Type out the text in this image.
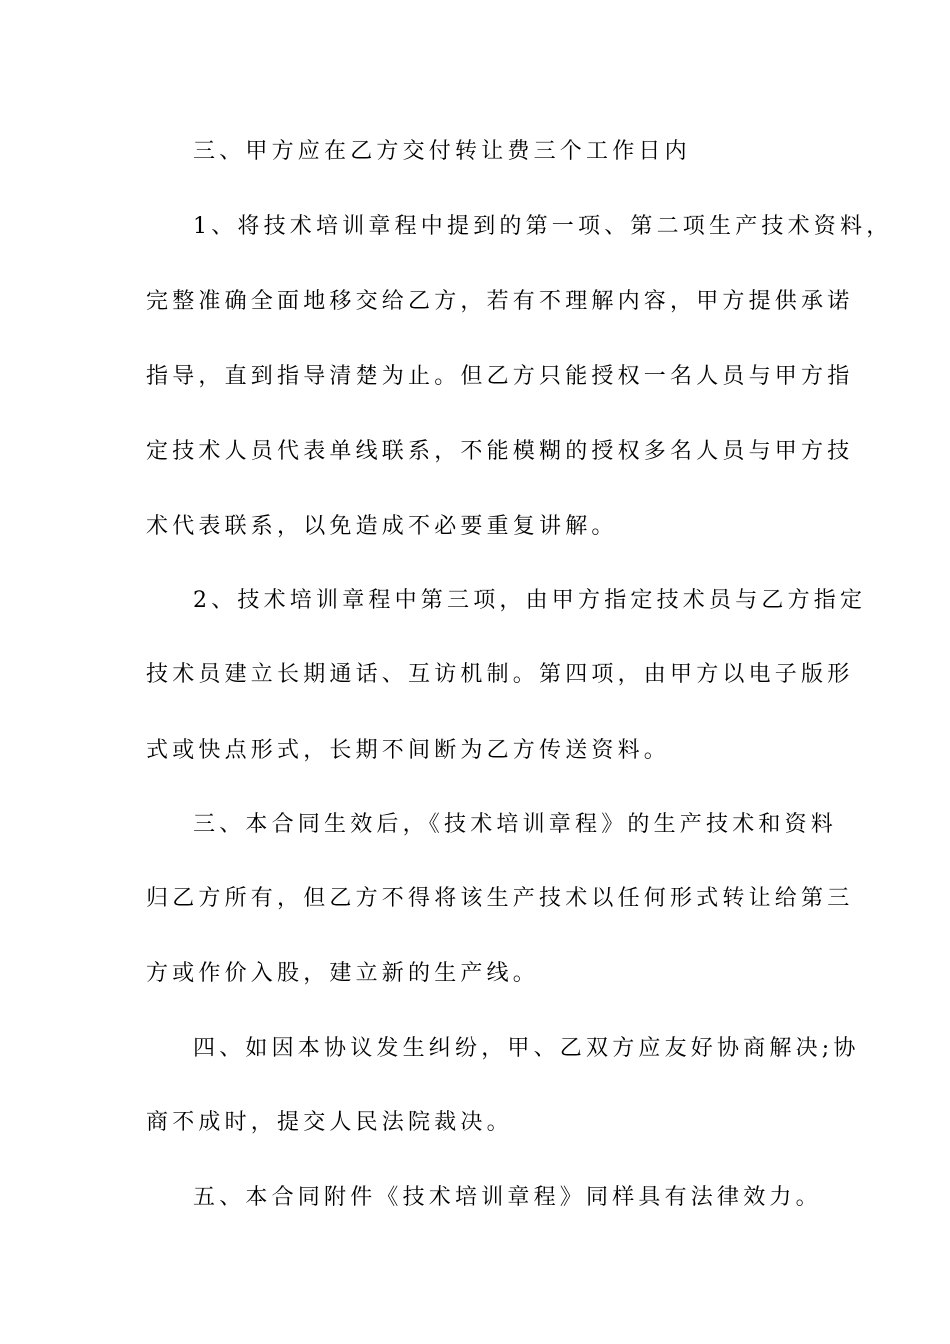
三、甲方应在乙方交付转让费三个工作日内
1、将技术培训章程中提到的第一项、第二项生产技术资料，
完整准确全面地移交给乙方，若有不理解内容，甲方提供承诺
指导，直到指导清楚为止。但乙方只能授权一名人员与甲方指
定技术人员代表单线联系，不能模糊的授权多名人员与甲方技
术代表联系，以免造成不必要重复讲解。
2、技术培训章程中第三项，由甲方指定技术员与乙方指定
技术员建立长期通话、互访机制。第四项，由甲方以电子版形
式或快点形式，长期不间断为乙方传送资料。
三、本合同生效后，《技术培训章程》的生产技术和资料
归乙方所有，但乙方不得将该生产技术以任何形式转让给第三
方或作价入股，建立新的生产线。
四、如因本协议发生纠纷，甲、乙双方应友好协商解决;协
商不成时，提交人民法院裁决。
五、本合同附件《技术培训章程》同样具有法律效力。
